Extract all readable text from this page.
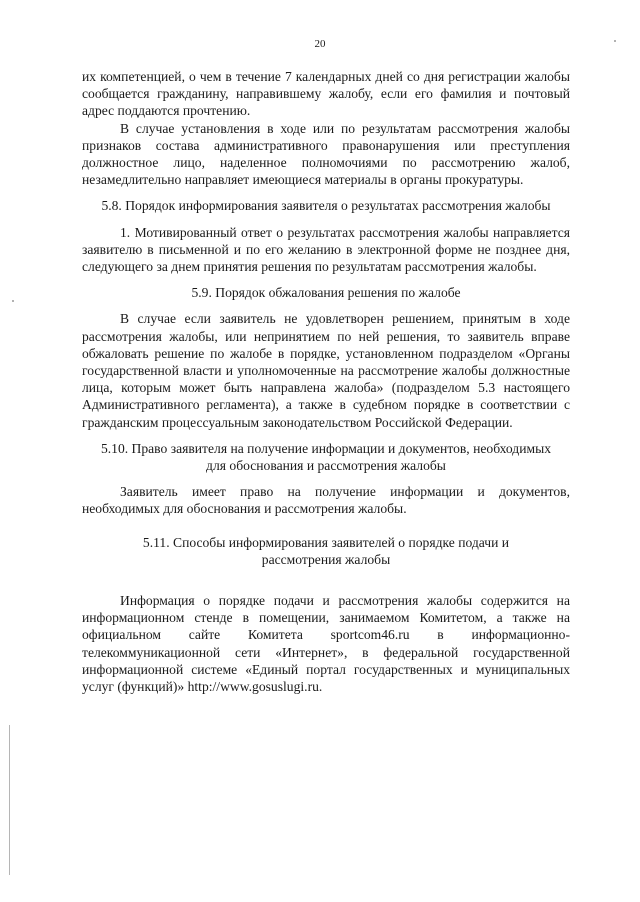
20

их компетенцией, о чем в течение 7 календарных дней со дня регистрации жалобы сообщается гражданину, направившему жалобу, если его фамилия и почтовый адрес поддаются прочтению.

В случае установления в ходе или по результатам рассмотрения жалобы признаков состава административного правонарушения или преступления должностное лицо, наделенное полномочиями по рассмотрению жалоб, незамедлительно направляет имеющиеся материалы в органы прокуратуры.

5.8. Порядок информирования заявителя о результатах рассмотрения жалобы

1. Мотивированный ответ о результатах рассмотрения жалобы направляется заявителю в письменной и по его желанию в электронной форме не позднее дня, следующего за днем принятия решения по результатам рассмотрения жалобы.

5.9. Порядок обжалования решения по жалобе

В случае если заявитель не удовлетворен решением, принятым в ходе рассмотрения жалобы, или непринятием по ней решения, то заявитель вправе обжаловать решение по жалобе в порядке, установленном подразделом «Органы государственной власти и уполномоченные на рассмотрение жалобы должностные лица, которым может быть направлена жалоба» (подразделом 5.3 настоящего Административного регламента), а также в судебном порядке в соответствии с гражданским процессуальным законодательством Российской Федерации.

5.10. Право заявителя на получение информации и документов, необходимых
для обоснования и рассмотрения жалобы

Заявитель имеет право на получение информации и документов, необходимых для обоснования и рассмотрения жалобы.

5.11. Способы информирования заявителей о порядке подачи и
рассмотрения жалобы

Информация о порядке подачи и рассмотрения жалобы содержится на информационном стенде в помещении, занимаемом Комитетом, а также на официальном сайте Комитета sportcom46.ru в информационно-телекоммуникационной сети «Интернет», в федеральной государственной информационной системе «Единый портал государственных и муниципальных услуг (функций)» http://www.gosuslugi.ru.
